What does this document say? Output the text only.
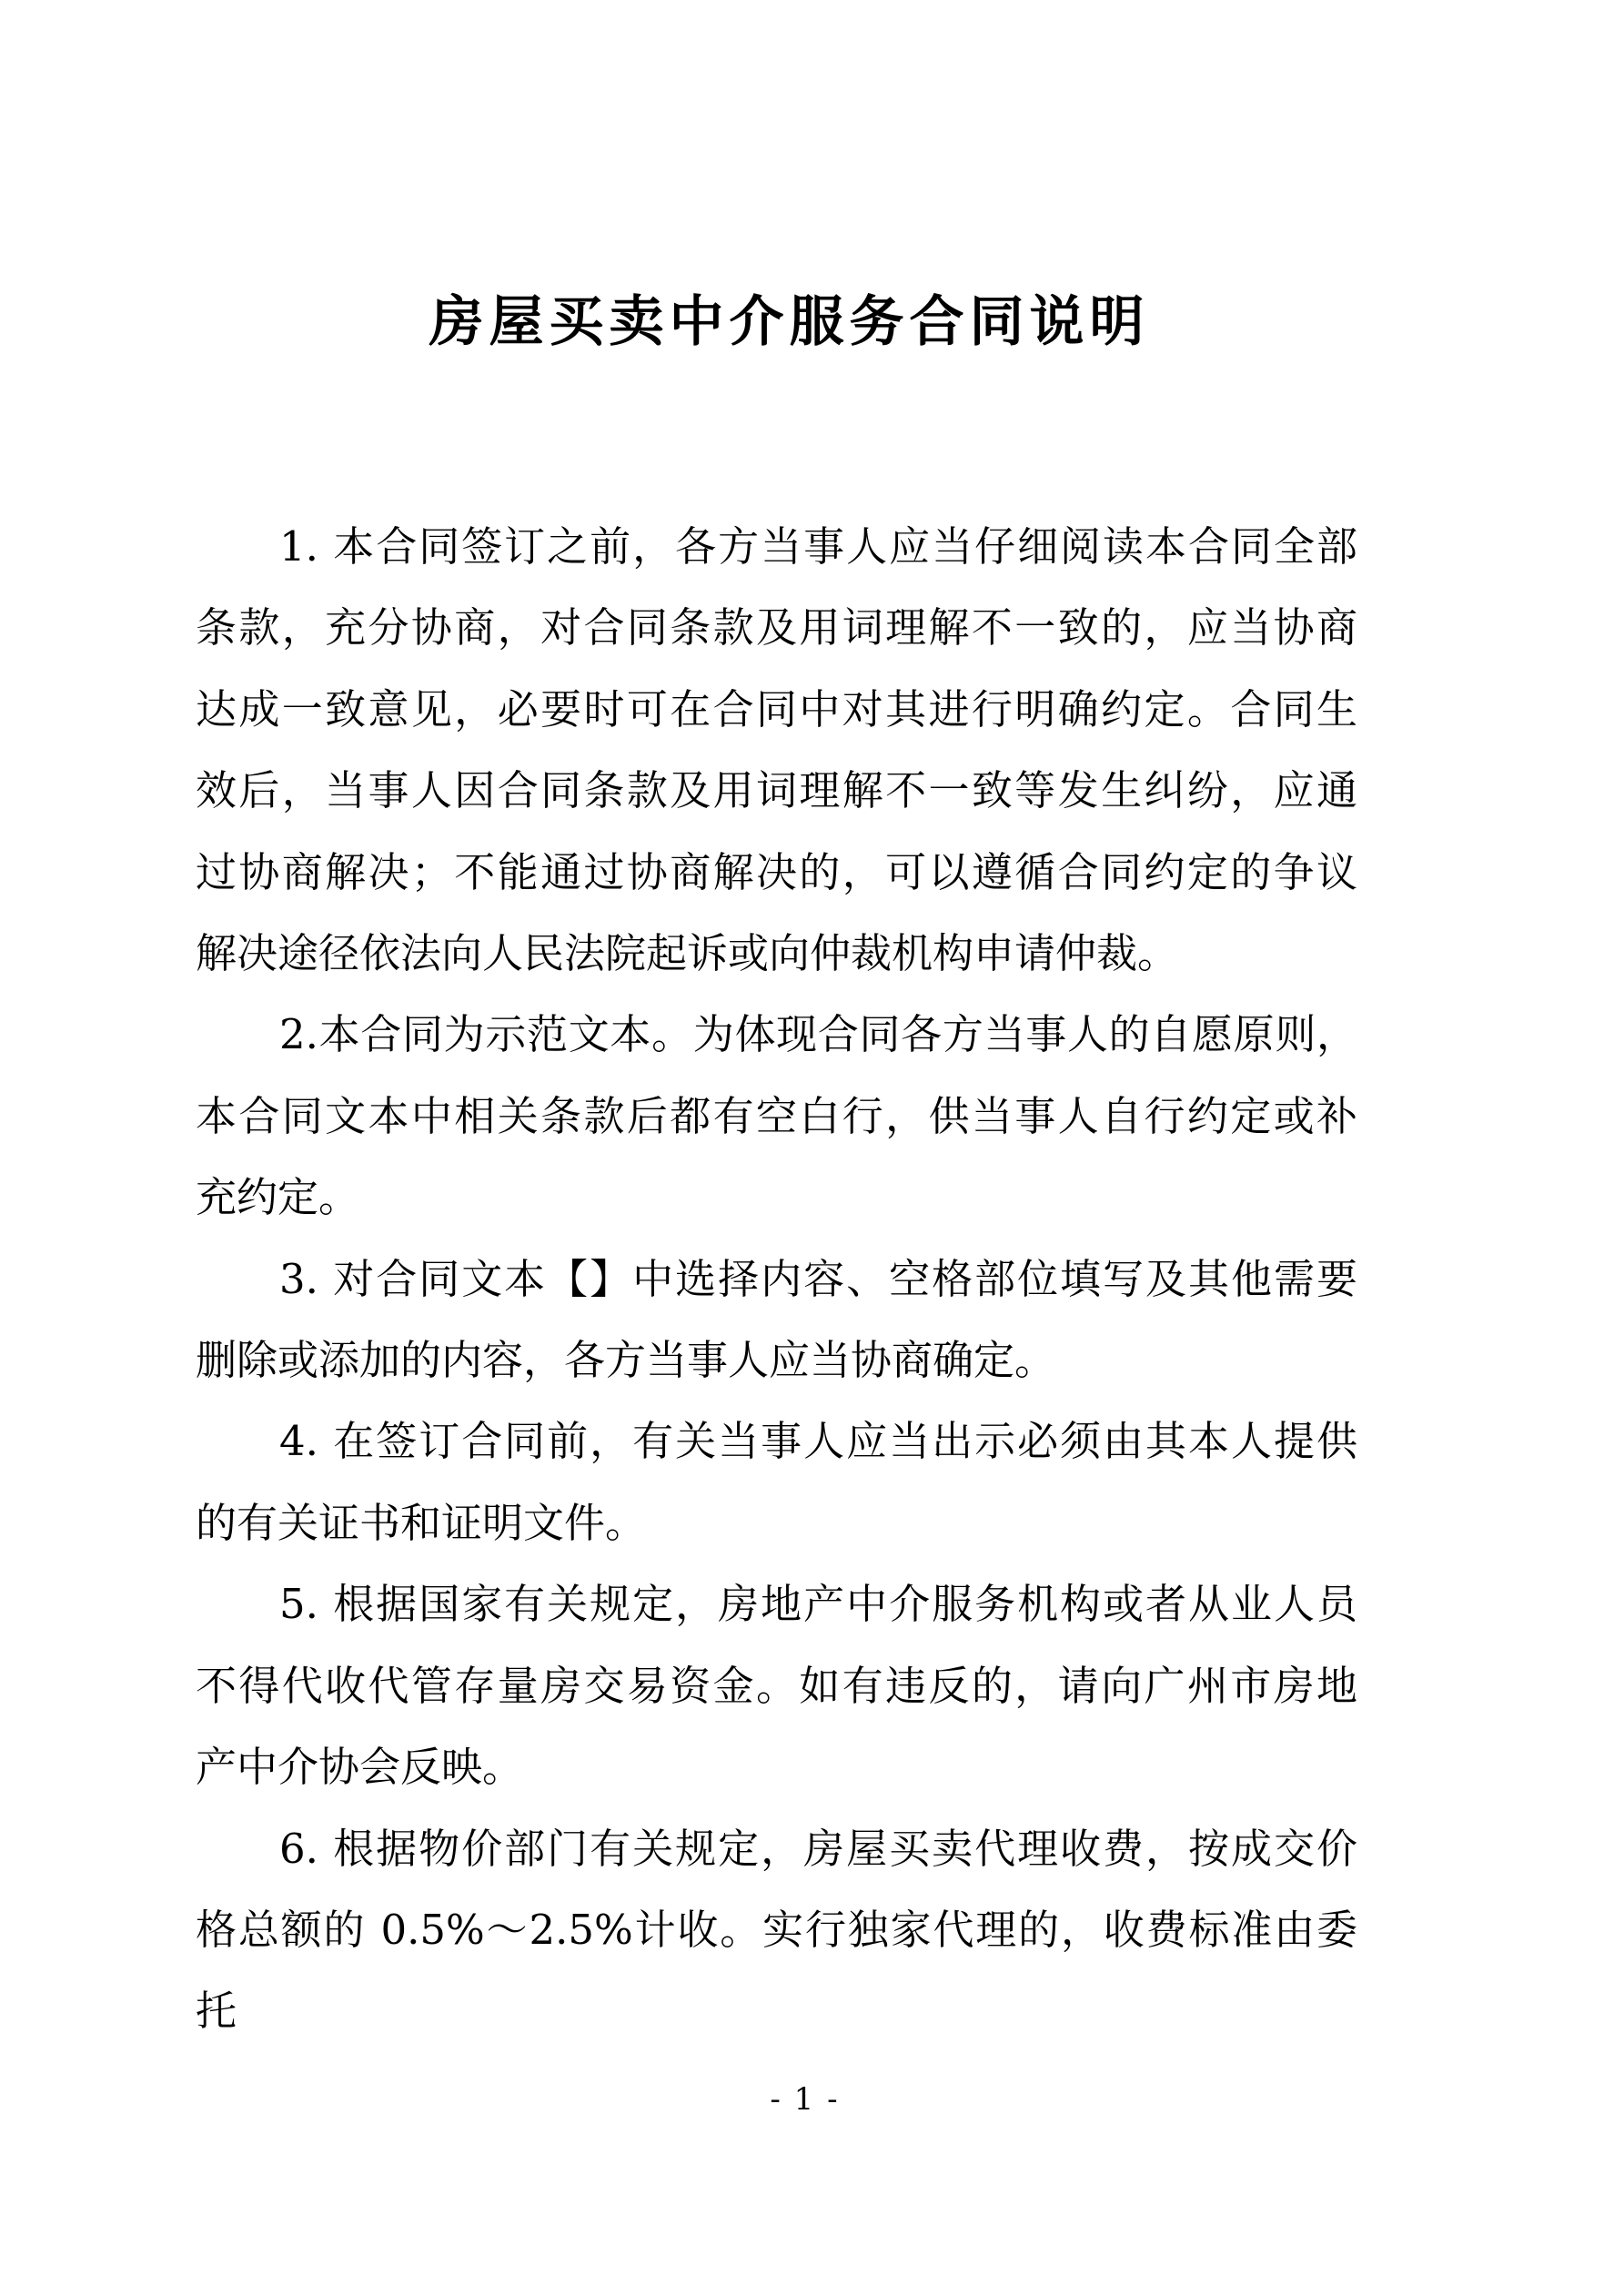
房屋买卖中介服务合同说明
1. 本合同签订之前，各方当事人应当仔细阅读本合同全部
条款，充分协商，对合同条款及用词理解不一致的，应当协商
达成一致意见，必要时可在合同中对其进行明确约定。合同生
效后，当事人因合同条款及用词理解不一致等发生纠纷，应通
过协商解决；不能通过协商解决的，可以遵循合同约定的争议
解决途径依法向人民法院起诉或向仲裁机构申请仲裁。
2.本合同为示范文本。为体现合同各方当事人的自愿原则，
本合同文本中相关条款后都有空白行，供当事人自行约定或补
充约定。
3. 对合同文本【】中选择内容、空格部位填写及其他需要
删除或添加的内容，各方当事人应当协商确定。
4. 在签订合同前，有关当事人应当出示必须由其本人提供
的有关证书和证明文件。
5. 根据国家有关规定，房地产中介服务机构或者从业人员
不得代收代管存量房交易资金。如有违反的，请向广州市房地
产中介协会反映。
6. 根据物价部门有关规定，房屋买卖代理收费，按成交价
格总额的 0.5%～2.5%计收。实行独家代理的，收费标准由委托
- 1 -
